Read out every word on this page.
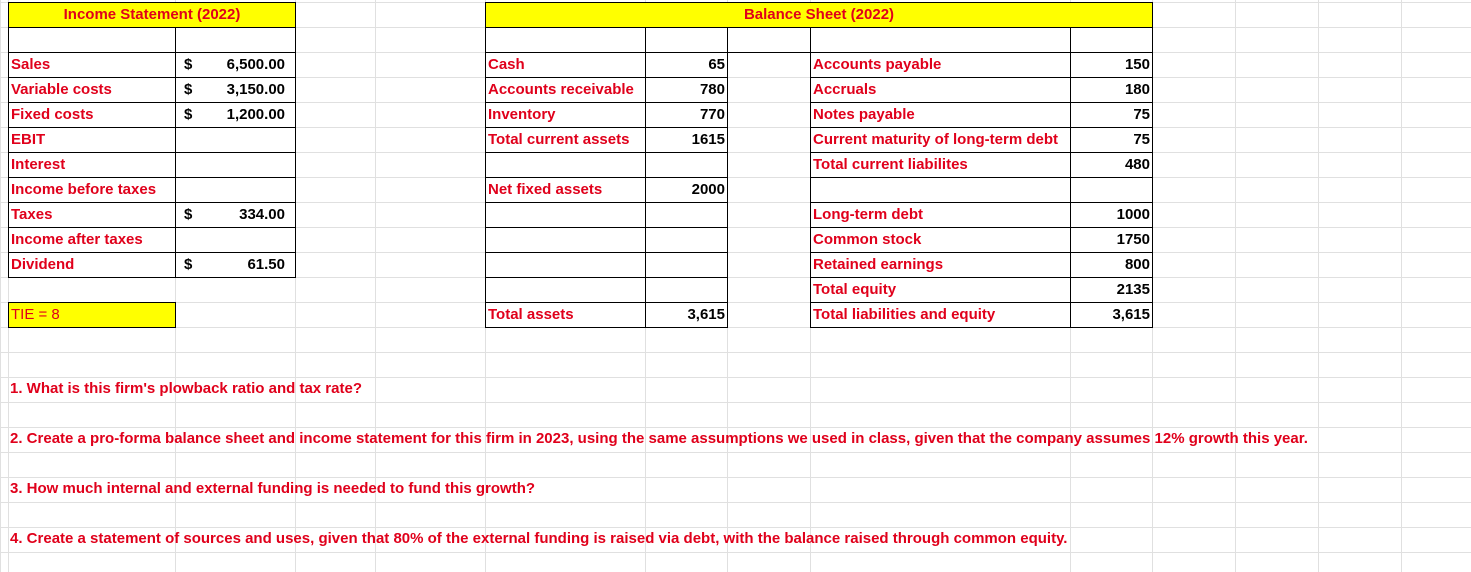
Income Statement (2022)
Sales	$ 6,500.00
Variable costs	$ 3,150.00
Fixed costs	$ 1,200.00
EBIT
Interest
Income before taxes
Taxes	$	334.00
Income after taxes
Dividend	$	61.50
TIE = 8
Balance Sheet (2022)
Cash	65
Accounts receivable	780
Inventory	770
Total current assets	1615
Net fixed assets	2000
Total assets	3,615
Accounts payable	150
Accruals	180
Notes payable	75
Current maturity of long-term debt	75
Total current liabilites	480
Long-term debt	1000
Common stock	1750
Retained earnings	800
Total equity	2135
Total liabilities and equity	3,615
1. What is this firm's plowback ratio and tax rate?
2. Create a pro-forma balance sheet and income statement for this firm in 2023, using the same assumptions we used in class, given that the company assumes 12% growth this year.
3. How much internal and external funding is needed to fund this growth?
4. Create a statement of sources and uses, given that 80% of the external funding is raised via debt, with the balance raised through common equity.
